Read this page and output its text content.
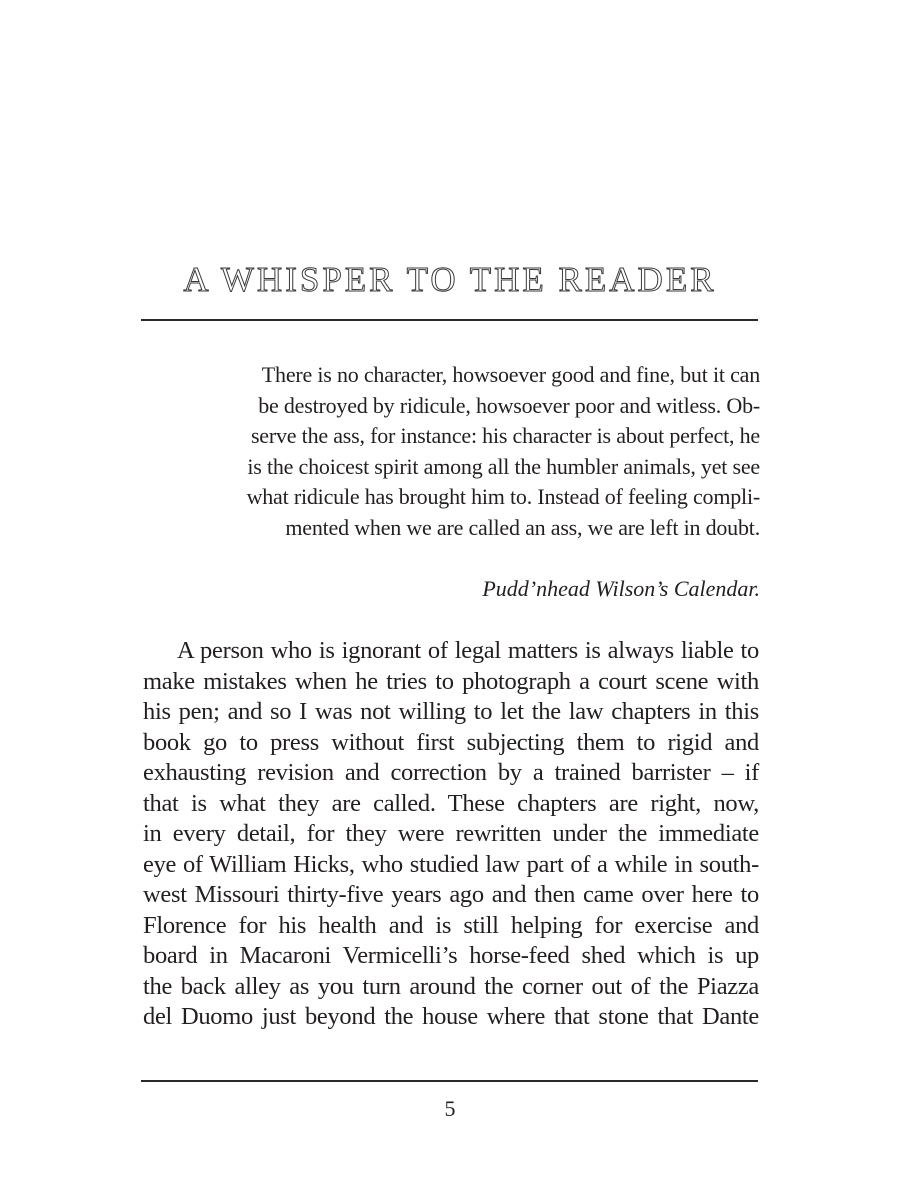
A WHISPER TO THE READER
There is no character, howsoever good and fine, but it can
be destroyed by ridicule, howsoever poor and witless. Ob-
serve the ass, for instance: his character is about perfect, he
is the choicest spirit among all the humbler animals, yet see
what ridicule has brought him to. Instead of feeling compli-
mented when we are called an ass, we are left in doubt.
Pudd’nhead Wilson’s Calendar.
A person who is ignorant of legal matters is always liable to
make mistakes when he tries to photograph a court scene with
his pen; and so I was not willing to let the law chapters in this
book go to press without first subjecting them to rigid and
exhausting revision and correction by a trained barrister – if
that is what they are called. These chapters are right, now,
in every detail, for they were rewritten under the immediate
eye of William Hicks, who studied law part of a while in south-
west Missouri thirty-five years ago and then came over here to
Florence for his health and is still helping for exercise and
board in Macaroni Vermicelli’s horse-feed shed which is up
the back alley as you turn around the corner out of the Piazza
del Duomo just beyond the house where that stone that Dante
5
